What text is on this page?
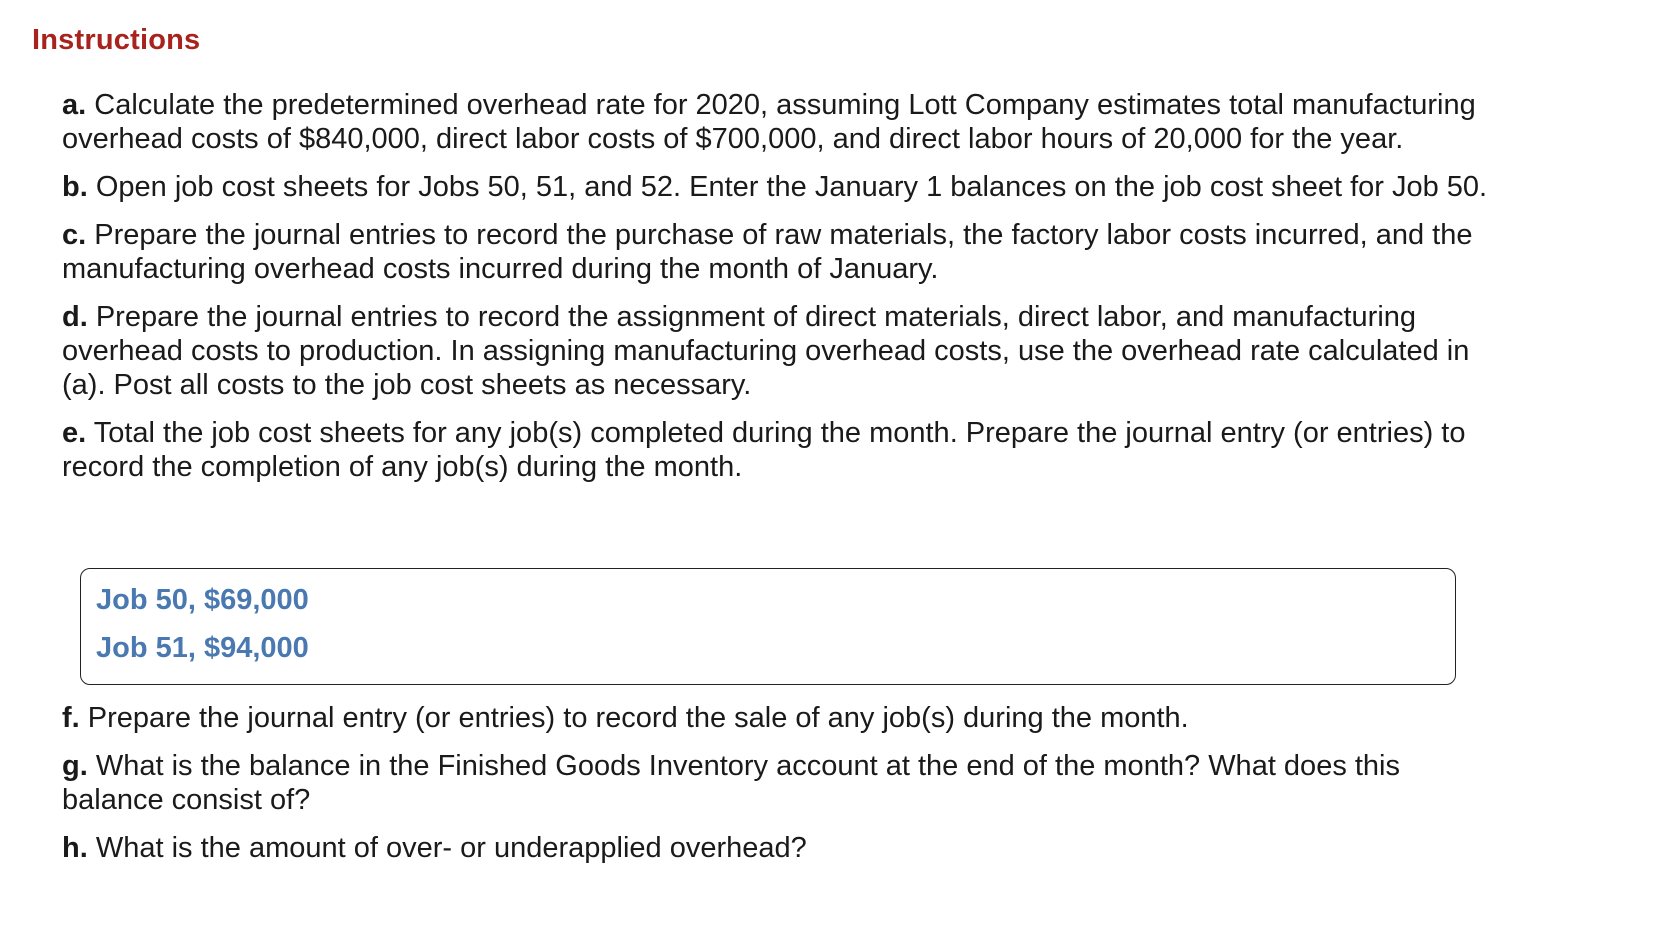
Instructions
a. Calculate the predetermined overhead rate for 2020, assuming Lott Company estimates total manufacturing overhead costs of $840,000, direct labor costs of $700,000, and direct labor hours of 20,000 for the year.
b. Open job cost sheets for Jobs 50, 51, and 52. Enter the January 1 balances on the job cost sheet for Job 50.
c. Prepare the journal entries to record the purchase of raw materials, the factory labor costs incurred, and the manufacturing overhead costs incurred during the month of January.
d. Prepare the journal entries to record the assignment of direct materials, direct labor, and manufacturing overhead costs to production. In assigning manufacturing overhead costs, use the overhead rate calculated in (a). Post all costs to the job cost sheets as necessary.
e. Total the job cost sheets for any job(s) completed during the month. Prepare the journal entry (or entries) to record the completion of any job(s) during the month.
Job 50, $69,000
Job 51, $94,000
f. Prepare the journal entry (or entries) to record the sale of any job(s) during the month.
g. What is the balance in the Finished Goods Inventory account at the end of the month? What does this balance consist of?
h. What is the amount of over- or underapplied overhead?
